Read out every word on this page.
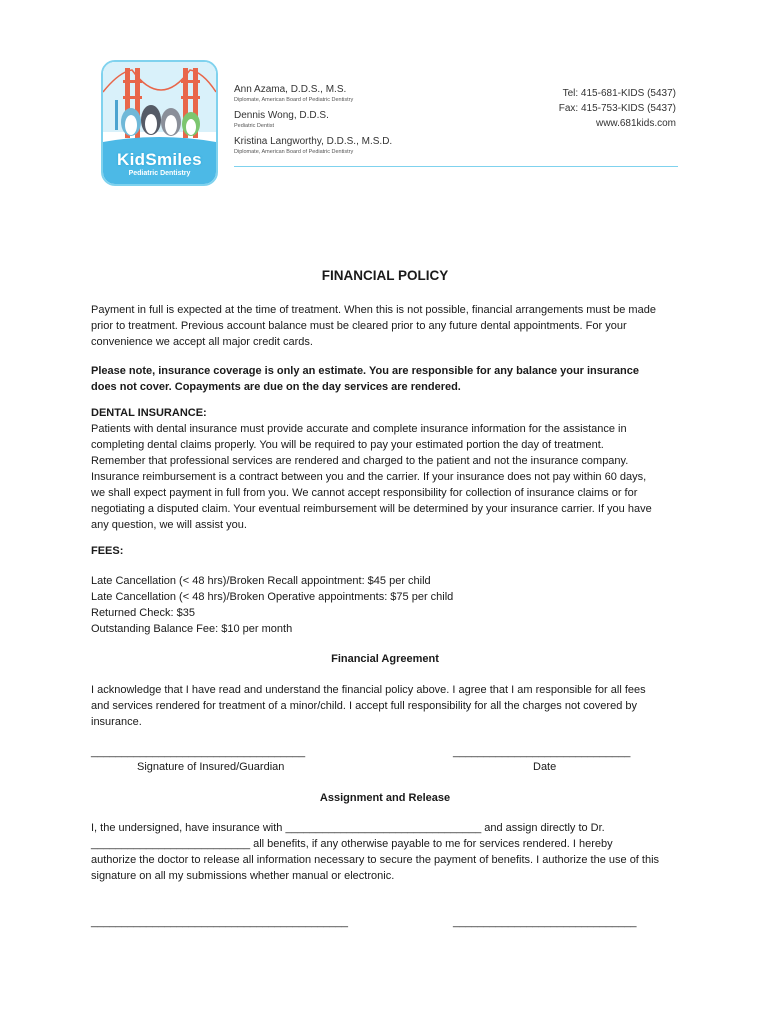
KidSmiles
Pediatric Dentistry
Ann Azama, D.D.S., M.S.
Diplomate, American Board of Pediatric Dentistry
Dennis Wong, D.D.S.
Pediatric Dentist
Kristina Langworthy, D.D.S., M.S.D.
Diplomate, American Board of Pediatric Dentistry
Tel: 415-681-KIDS (5437)
Fax: 415-753-KIDS (5437)
www.681kids.com
FINANCIAL POLICY
Payment in full is expected at the time of treatment. When this is not possible, financial arrangements must be made
prior to treatment. Previous account balance must be cleared prior to any future dental appointments. For your
convenience we accept all major credit cards.
Please note, insurance coverage is only an estimate. You are responsible for any balance your insurance
does not cover. Copayments are due on the day services are rendered.
DENTAL INSURANCE:
Patients with dental insurance must provide accurate and complete insurance information for the assistance in
completing dental claims properly. You will be required to pay your estimated portion the day of treatment.
Remember that professional services are rendered and charged to the patient and not the insurance company.
Insurance reimbursement is a contract between you and the carrier. If your insurance does not pay within 60 days,
we shall expect payment in full from you. We cannot accept responsibility for collection of insurance claims or for
negotiating a disputed claim. Your eventual reimbursement will be determined by your insurance carrier. If you have
any question, we will assist you.
FEES:
Late Cancellation (< 48 hrs)/Broken Recall appointment: $45 per child
Late Cancellation (< 48 hrs)/Broken Operative appointments: $75 per child
Returned Check: $35
Outstanding Balance Fee: $10 per month
Financial Agreement
I acknowledge that I have read and understand the financial policy above. I agree that I am responsible for all fees
and services rendered for treatment of a minor/child. I accept full responsibility for all the charges not covered by
insurance.
___________________________________	_____________________________
Signature of Insured/Guardian	Date
Assignment and Release
I, the undersigned, have insurance with ________________________________ and assign directly to Dr.
__________________________ all benefits, if any otherwise payable to me for services rendered. I hereby
authorize the doctor to release all information necessary to secure the payment of benefits. I authorize the use of this
signature on all my submissions whether manual or electronic.
__________________________________________	______________________________
